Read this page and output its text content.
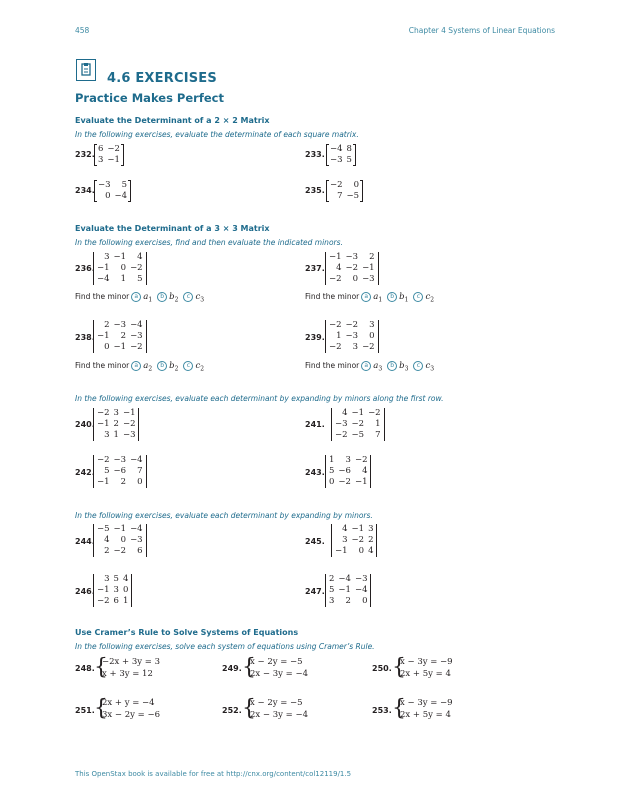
458	Chapter 4 Systems of Linear Equations
4.6 EXERCISES
Practice Makes Perfect
Evaluate the Determinant of a 2 × 2 Matrix
In the following exercises, evaluate the determinate of each square matrix.
232.
6	−2
3	−1
233.
−4	8
−3	5
234.
−3	5
0	−4
235.
−2	0
7	−5
Evaluate the Determinant of a 3 × 3 Matrix
In the following exercises, find and then evaluate the indicated minors.
236.
3	−1	4
−1	0	−2
−4	1	5
237.
−1	−3	2
4	−2	−1
−2	0	−3
Find the minor a $a_1b$ $b_2c$ $c_3$	Find the minor a $a_1b$ $b_1c$ $c_2$
238.
2	−3	−4
−1	2	−3
0	−1	−2
239.
−2	−2	3
1	−3	0
−2	3	−2
Find the minor a $a_2b$ $b_2c$ $c_2$	Find the minor a $a_3b$ $b_3c$ $c_3$
In the following exercises, evaluate each determinant by expanding by minors along the first row.
240.
−2	3	−1
−1	2	−2
3	1	−3
241.
4	−1	−2
−3	−2	1
−2	−5	7
242.
−2	−3	−4
5	−6	7
−1	2	0
243.
1	3	−2
5	−6	4
0	−2	−1
In the following exercises, evaluate each determinant by expanding by minors.
244.
−5	−1	−4
4	0	−3
2	−2	6
245.
4	−1	3
3	−2	2
−1	0	4
246.
3	5	4
−1	3	0
−2	6	1
247.
2	−4	−3
5	−1	−4
3	2	0
Use Cramer’s Rule to Solve Systems of Equations
In the following exercises, solve each system of equations using Cramer’s Rule.
248. {
−2x + 3y = 3
x + 3y = 12
249. {
x − 2y = −5
2x − 3y = −4
250. {
x − 3y = −9
2x + 5y = 4
251. {
2x + y = −4
3x − 2y = −6	252. {
x − 2y = −5
2x − 3y = −4	253. {
x − 3y = −9
2x + 5y = 4
This OpenStax book is available for free at http://cnx.org/content/col12119/1.5
